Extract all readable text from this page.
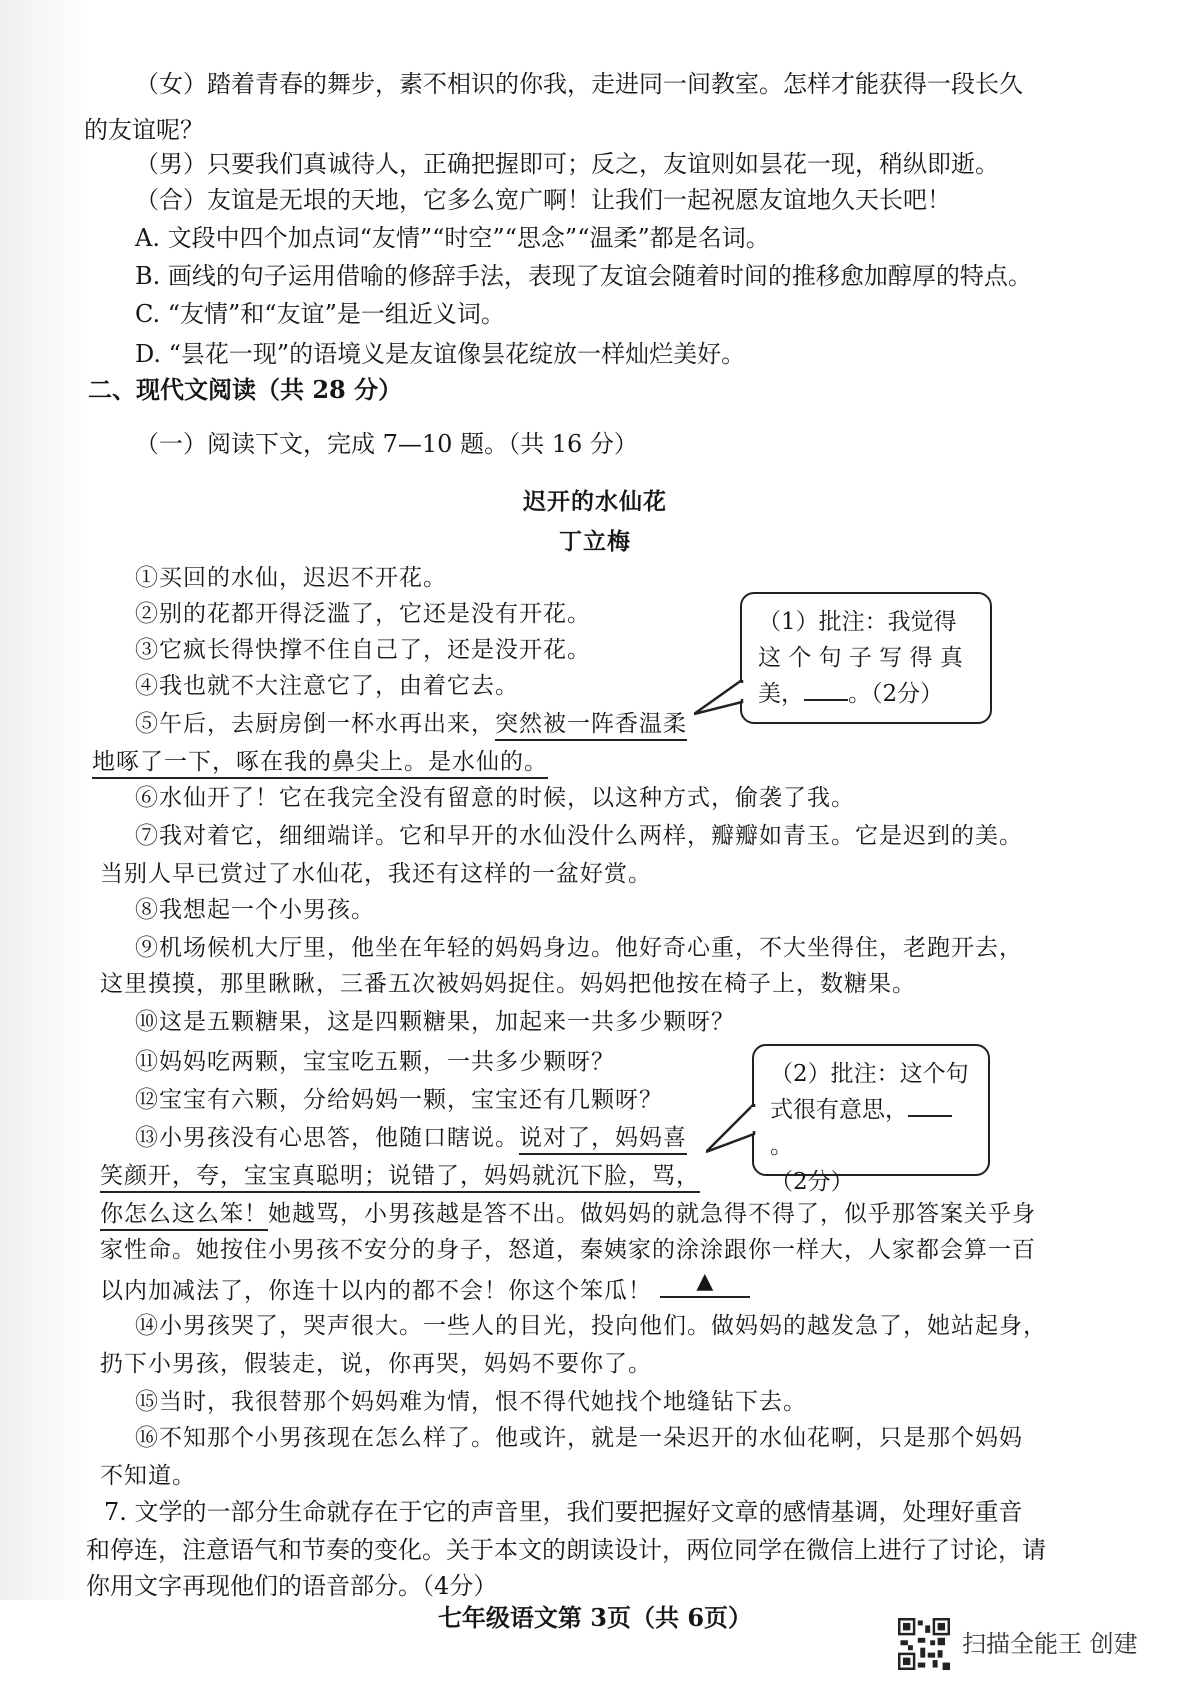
（女）踏着青春的舞步，素不相识的你我，走进同一间教室。怎样才能获得一段长久
的友谊呢？
（男）只要我们真诚待人，正确把握即可；反之，友谊则如昙花一现，稍纵即逝。
（合）友谊是无垠的天地，它多么宽广啊！让我们一起祝愿友谊地久天长吧！
A. 文段中四个加点词“友情”“时空”“思念”“温柔”都是名词。
B. 画线的句子运用借喻的修辞手法，表现了友谊会随着时间的推移愈加醇厚的特点。
C. “友情”和“友谊”是一组近义词。
D. “昙花一现”的语境义是友谊像昙花绽放一样灿烂美好。
二、现代文阅读（共 28 分）
（一）阅读下文，完成 7—10 题。（共 16 分）
迟开的水仙花
丁立梅
①买回的水仙，迟迟不开花。
②别的花都开得泛滥了，它还是没有开花。
③它疯长得快撑不住自己了，还是没开花。
④我也就不大注意它了，由着它去。
⑤午后，去厨房倒一杯水再出来，突然被一阵香温柔
地啄了一下，啄在我的鼻尖上。是水仙的。
⑥水仙开了！它在我完全没有留意的时候，以这种方式，偷袭了我。
⑦我对着它，细细端详。它和早开的水仙没什么两样，瓣瓣如青玉。它是迟到的美。
当别人早已赏过了水仙花，我还有这样的一盆好赏。
⑧我想起一个小男孩。
⑨机场候机大厅里，他坐在年轻的妈妈身边。他好奇心重，不大坐得住，老跑开去，
这里摸摸，那里瞅瞅，三番五次被妈妈捉住。妈妈把他按在椅子上，数糖果。
⑩这是五颗糖果，这是四颗糖果，加起来一共多少颗呀？
⑪妈妈吃两颗，宝宝吃五颗，一共多少颗呀？
⑫宝宝有六颗，分给妈妈一颗，宝宝还有几颗呀？
⑬小男孩没有心思答，他随口瞎说。说对了，妈妈喜
笑颜开，夸，宝宝真聪明；说错了，妈妈就沉下脸，骂，
你怎么这么笨！她越骂，小男孩越是答不出。做妈妈的就急得不得了，似乎那答案关乎身
家性命。她按住小男孩不安分的身子，怒道，秦姨家的涂涂跟你一样大，人家都会算一百
以内加减法了，你连十以内的都不会！你这个笨瓜！	▲
⑭小男孩哭了，哭声很大。一些人的目光，投向他们。做妈妈的越发急了，她站起身，
扔下小男孩，假装走，说，你再哭，妈妈不要你了。
⑮当时，我很替那个妈妈难为情，恨不得代她找个地缝钻下去。
⑯不知那个小男孩现在怎么样了。他或许，就是一朵迟开的水仙花啊，只是那个妈妈
不知道。
（1）批注：我觉得
这 个 句 子 写 得 真
美， 。（2分）
（2）批注：这个句
式很有意思，。
（2分）
7. 文学的一部分生命就存在于它的声音里，我们要把握好文章的感情基调，处理好重音
和停连，注意语气和节奏的变化。关于本文的朗读设计，两位同学在微信上进行了讨论，请
你用文字再现他们的语音部分。（4分）
七年级语文第 3页（共 6页）
扫描全能王 创建
